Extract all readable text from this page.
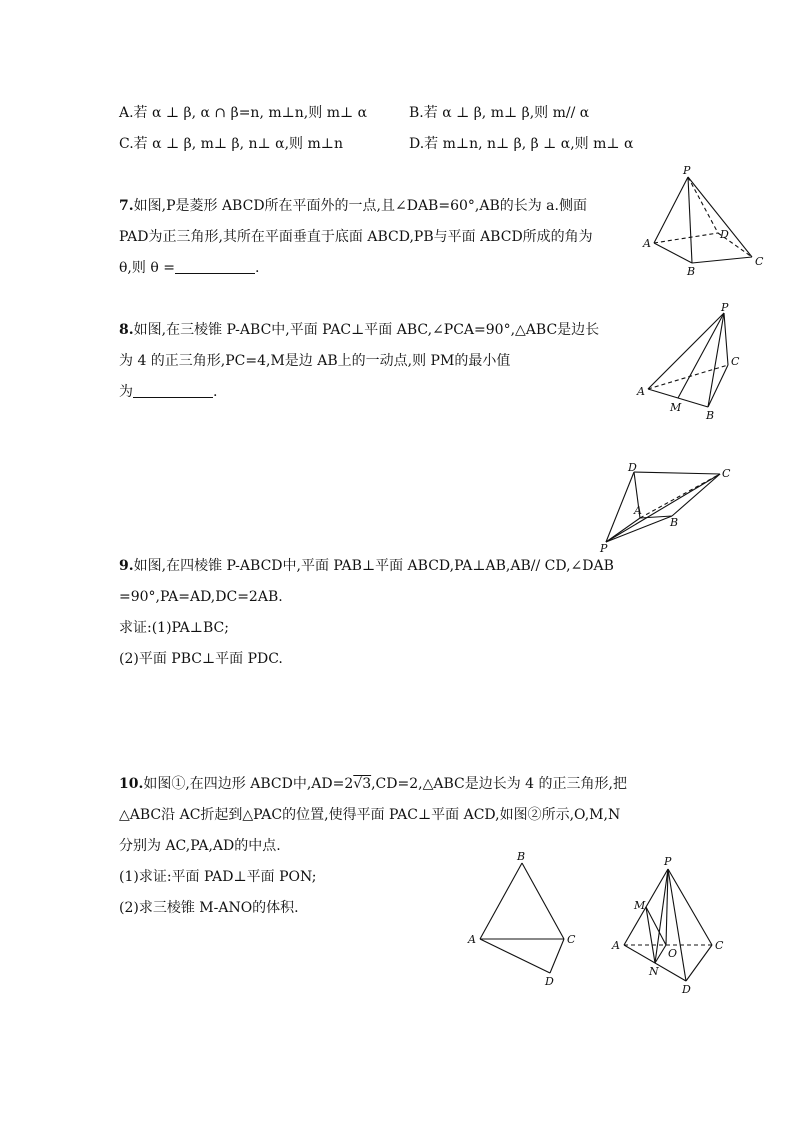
A.若 α ⊥ β, α ∩ β=n, m⊥n,则 m⊥ α	B.若 α ⊥ β, m⊥ β,则 m// α
C.若 α ⊥ β, m⊥ β, n⊥ α,则 m⊥n	D.若 m⊥n, n⊥ β, β ⊥ α,则 m⊥ α
7.如图,P是菱形 ABCD所在平面外的一点,且∠DAB=60°,AB的长为 a.侧面
PAD为正三角形,其所在平面垂直于底面 ABCD,PB与平面 ABCD所成的角为
θ,则 θ =	.
P
A
B
C
D
8.如图,在三棱锥 P-ABC中,平面 PAC⊥平面 ABC,∠PCA=90°,△ABC是边长
为 4 的正三角形,PC=4,M是边 AB上的一动点,则 PM的最小值
为	.
P
A
M
B
C
D	C
A
B
P
9.如图,在四棱锥 P-ABCD中,平面 PAB⊥平面 ABCD,PA⊥AB,AB// CD,∠DAB
=90°,PA=AD,DC=2AB.
求证:(1)PA⊥BC;
(2)平面 PBC⊥平面 PDC.
10.如图①,在四边形 ABCD中,AD=2√3,CD=2,△ABC是边长为 4 的正三角形,把
△ABC沿 AC折起到△PAC的位置,使得平面 PAC⊥平面 ACD,如图②所示,O,M,N
分别为 AC,PA,AD的中点.
(1)求证:平面 PAD⊥平面 PON;
(2)求三棱锥 M-ANO的体积.
B
A	C
D
P
M
A
O
N
C
D
